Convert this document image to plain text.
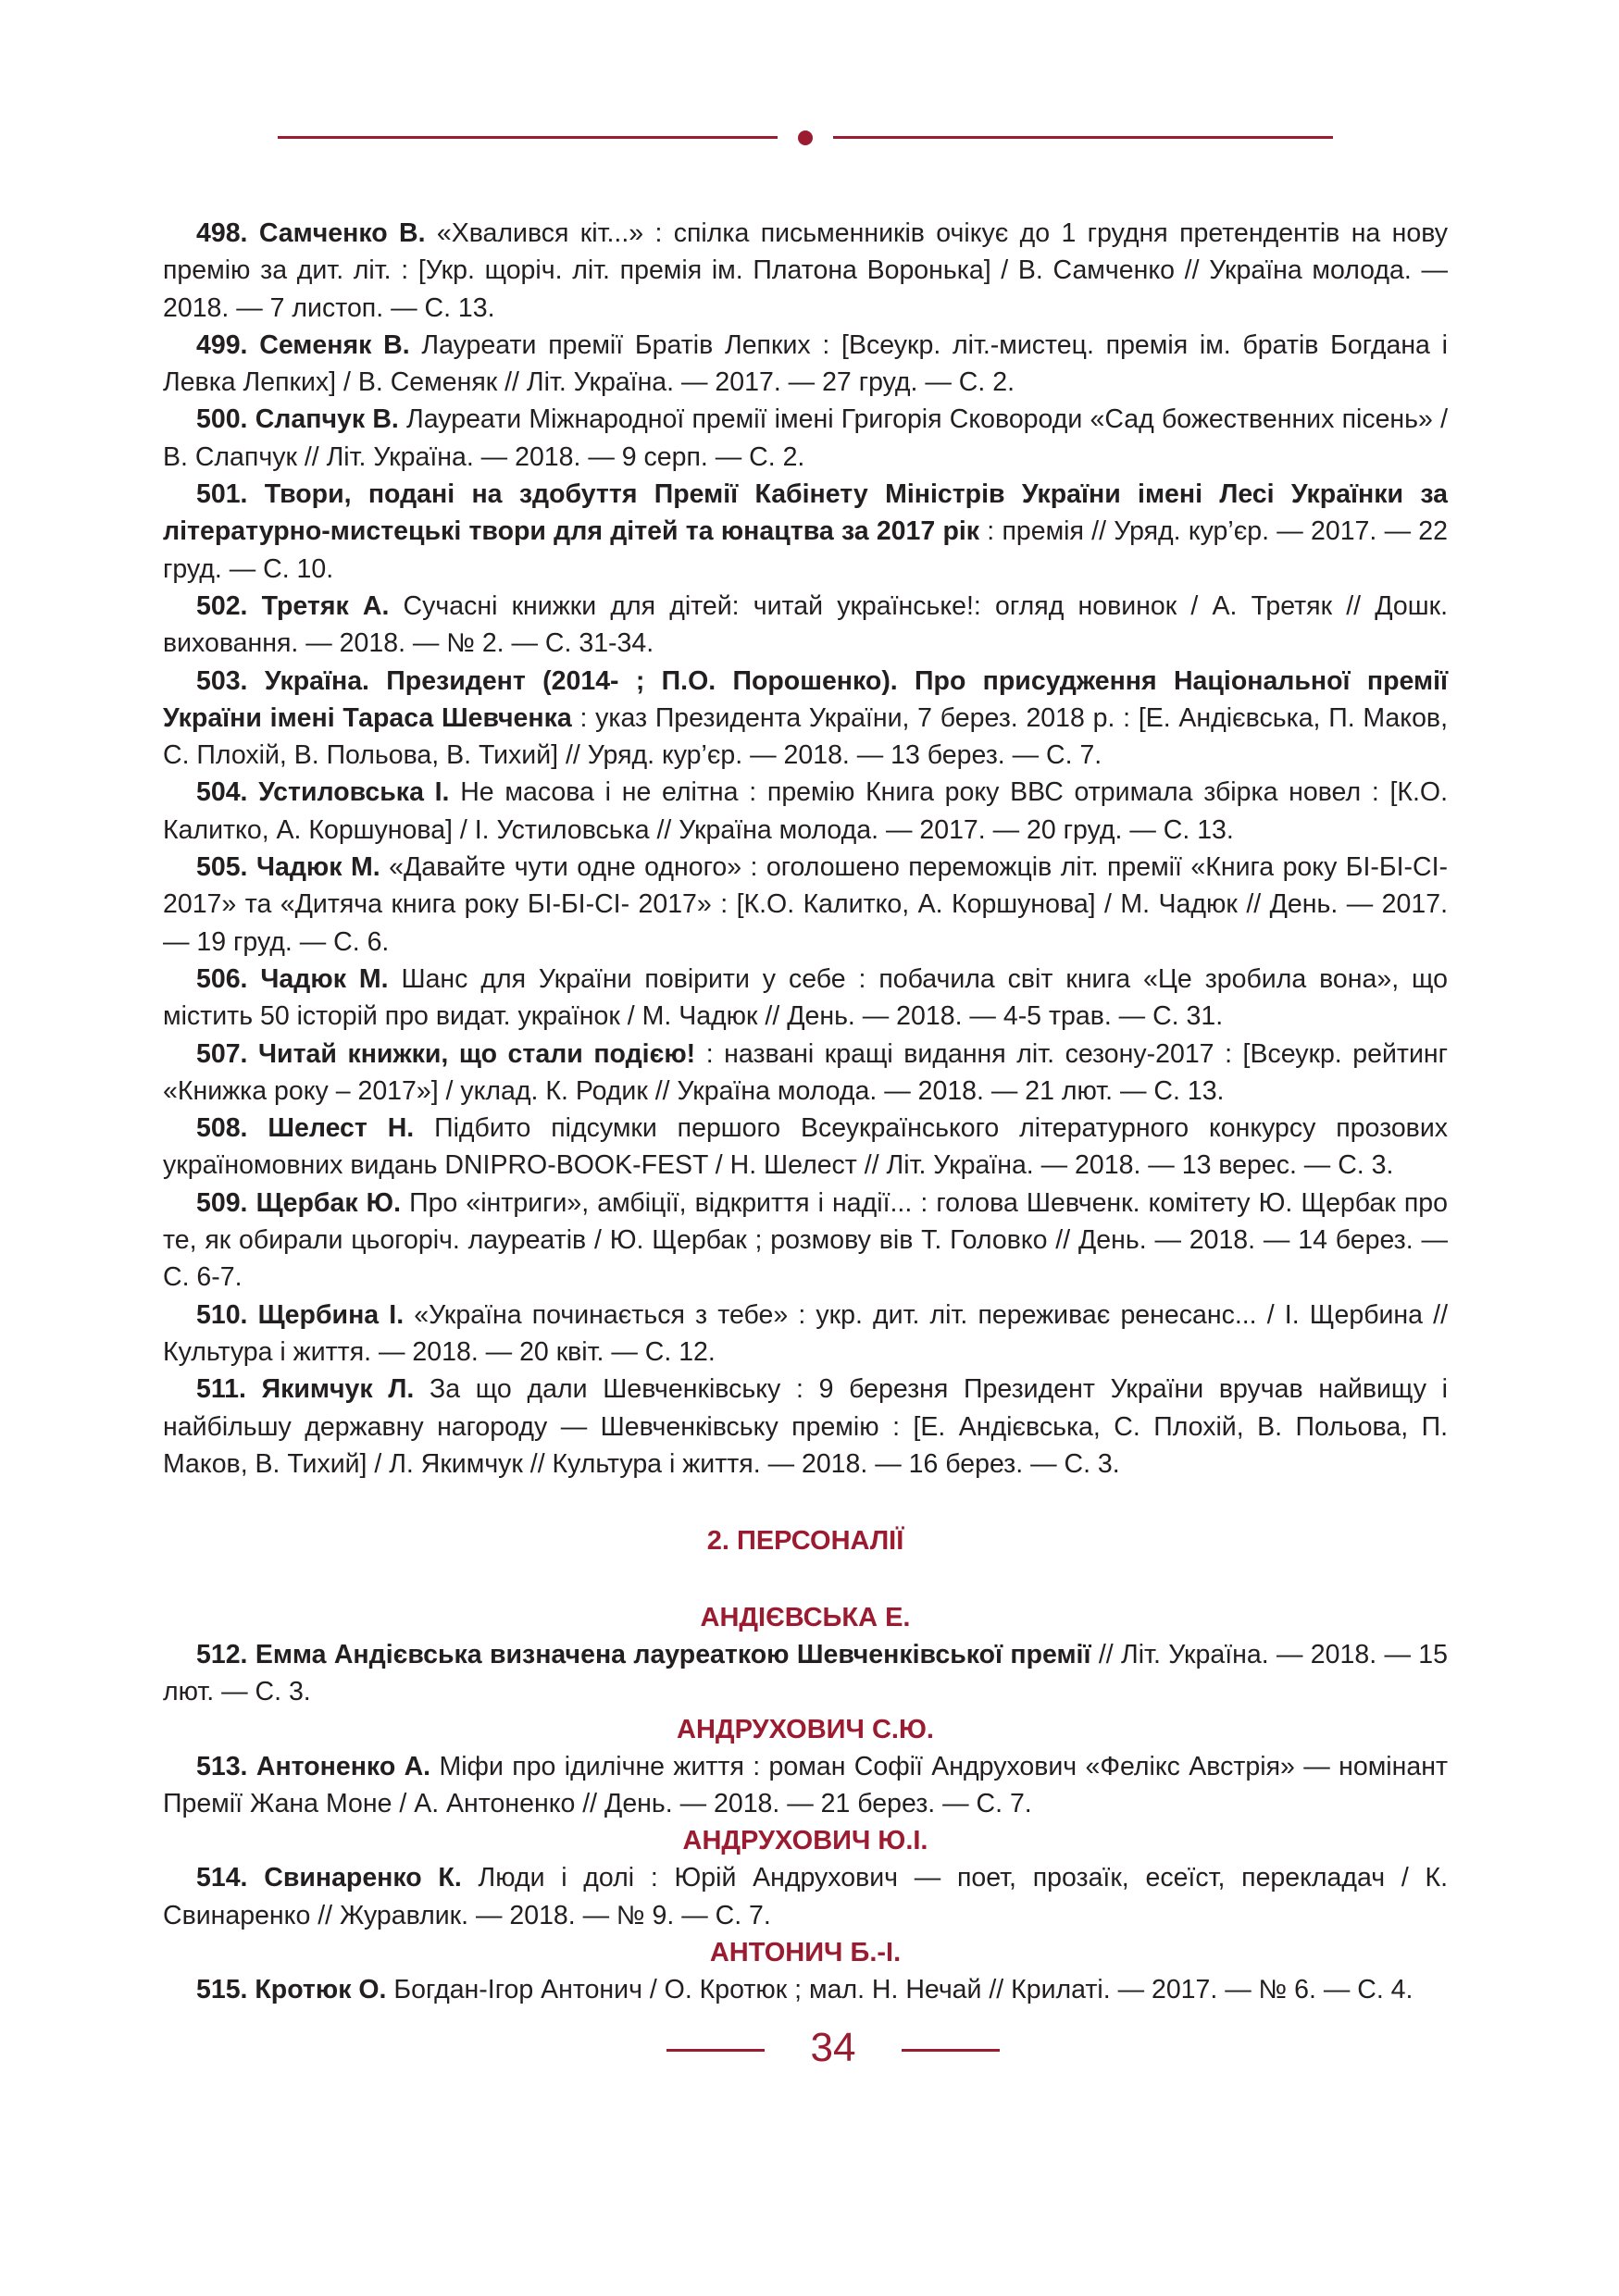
498. Самченко В. «Хвалився кіт...» : спілка письменників очікує до 1 грудня претендентів на нову премію за дит. літ. : [Укр. щоріч. літ. премія ім. Платона Воронька] / В. Самченко // Україна молода. — 2018. — 7 листоп. — С. 13.

499. Семеняк В. Лауреати премії Братів Лепких : [Всеукр. літ.-мистец. премія ім. братів Богдана і Левка Лепких] / В. Семеняк // Літ. Україна. — 2017. — 27 груд. — С. 2.

500. Слапчук В. Лауреати Міжнародної премії імені Григорія Сковороди «Сад божественних пісень» / В. Слапчук // Літ. Україна. — 2018. — 9 серп. — С. 2.

501. Твори, подані на здобуття Премії Кабінету Міністрів України імені Лесі Українки за літературно-мистецькі твори для дітей та юнацтва за 2017 рік : премія // Уряд. кур’єр. — 2017. — 22 груд. — С. 10.

502. Третяк А. Сучасні книжки для дітей: читай українське!: огляд новинок / А. Третяк // Дошк. виховання. — 2018. — № 2. — С. 31-34.

503. Україна. Президент (2014- ; П.О. Порошенко). Про присудження Національної премії України імені Тараса Шевченка : указ Президента України, 7 берез. 2018 р. : [Е. Андієвська, П. Маков, С. Плохій, В. Польова, В. Тихий] // Уряд. кур’єр. — 2018. — 13 берез. — С. 7.

504. Устиловська І. Не масова і не елітна : премію Книга року ВВС отримала збірка новел : [К.О. Калитко, А. Коршунова] / І. Устиловська // Україна молода. — 2017. — 20 груд. — С. 13.

505. Чадюк М. «Давайте чути одне одного» : оголошено переможців літ. премії «Книга року БІ-БІ-СІ- 2017» та «Дитяча книга року БІ-БІ-СІ- 2017» : [К.О. Калитко, А. Коршунова] / М. Чадюк // День. — 2017. — 19 груд. — С. 6.

506. Чадюк М. Шанс для України повірити у себе : побачила світ книга «Це зробила вона», що містить 50 історій про видат. українок / М. Чадюк // День. — 2018. — 4-5 трав. — С. 31.

507. Читай книжки, що стали подією! : названі кращі видання літ. сезону-2017 : [Всеукр. рейтинг «Книжка року – 2017»] / уклад. К. Родик // Україна молода. — 2018. — 21 лют. — С. 13.

508. Шелест Н. Підбито підсумки першого Всеукраїнського літературного конкурсу прозових україномовних видань DNIPRO-BOOK-FEST / Н. Шелест // Літ. Україна. — 2018. — 13 верес. — С. 3.

509. Щербак Ю. Про «інтриги», амбіції, відкриття і надії... : голова Шевченк. комітету Ю. Щербак про те, як обирали цьогоріч. лауреатів / Ю. Щербак ; розмову вів Т. Головко // День. — 2018. — 14 берез. — С. 6-7.

510. Щербина І. «Україна починається з тебе» : укр. дит. літ. переживає ренесанс... / І. Щербина // Культура і життя. — 2018. — 20 квіт. — С. 12.

511. Якимчук Л. За що дали Шевченківську : 9 березня Президент України вручав найвищу і найбільшу державну нагороду — Шевченківську премію : [Е. Андієвська, С. Плохій, В. Польова, П. Маков, В. Тихий] / Л. Якимчук // Культура і життя. — 2018. — 16 берез. — С. 3.

2. ПЕРСОНАЛІЇ
АНДІЄВСЬКА Е.

512. Емма Андієвська визначена лауреаткою Шевченківської премії // Літ. Україна. — 2018. — 15 лют. — С. 3.

АНДРУХОВИЧ С.Ю.

513. Антоненко А. Міфи про ідилічне життя : роман Софії Андрухович «Фелікс Австрія» — номінант Премії Жана Моне / А. Антоненко // День. — 2018. — 21 берез. — С. 7.

АНДРУХОВИЧ Ю.І.

514. Свинаренко К. Люди і долі : Юрій Андрухович — поет, прозаїк, есеїст, перекладач / К. Свинаренко // Журавлик. — 2018. — № 9. — С. 7.

АНТОНИЧ Б.-І.

515. Кротюк О. Богдан-Ігор Антонич / О. Кротюк ; мал. Н. Нечай // Крилаті. — 2017. — № 6. — С. 4.

34
